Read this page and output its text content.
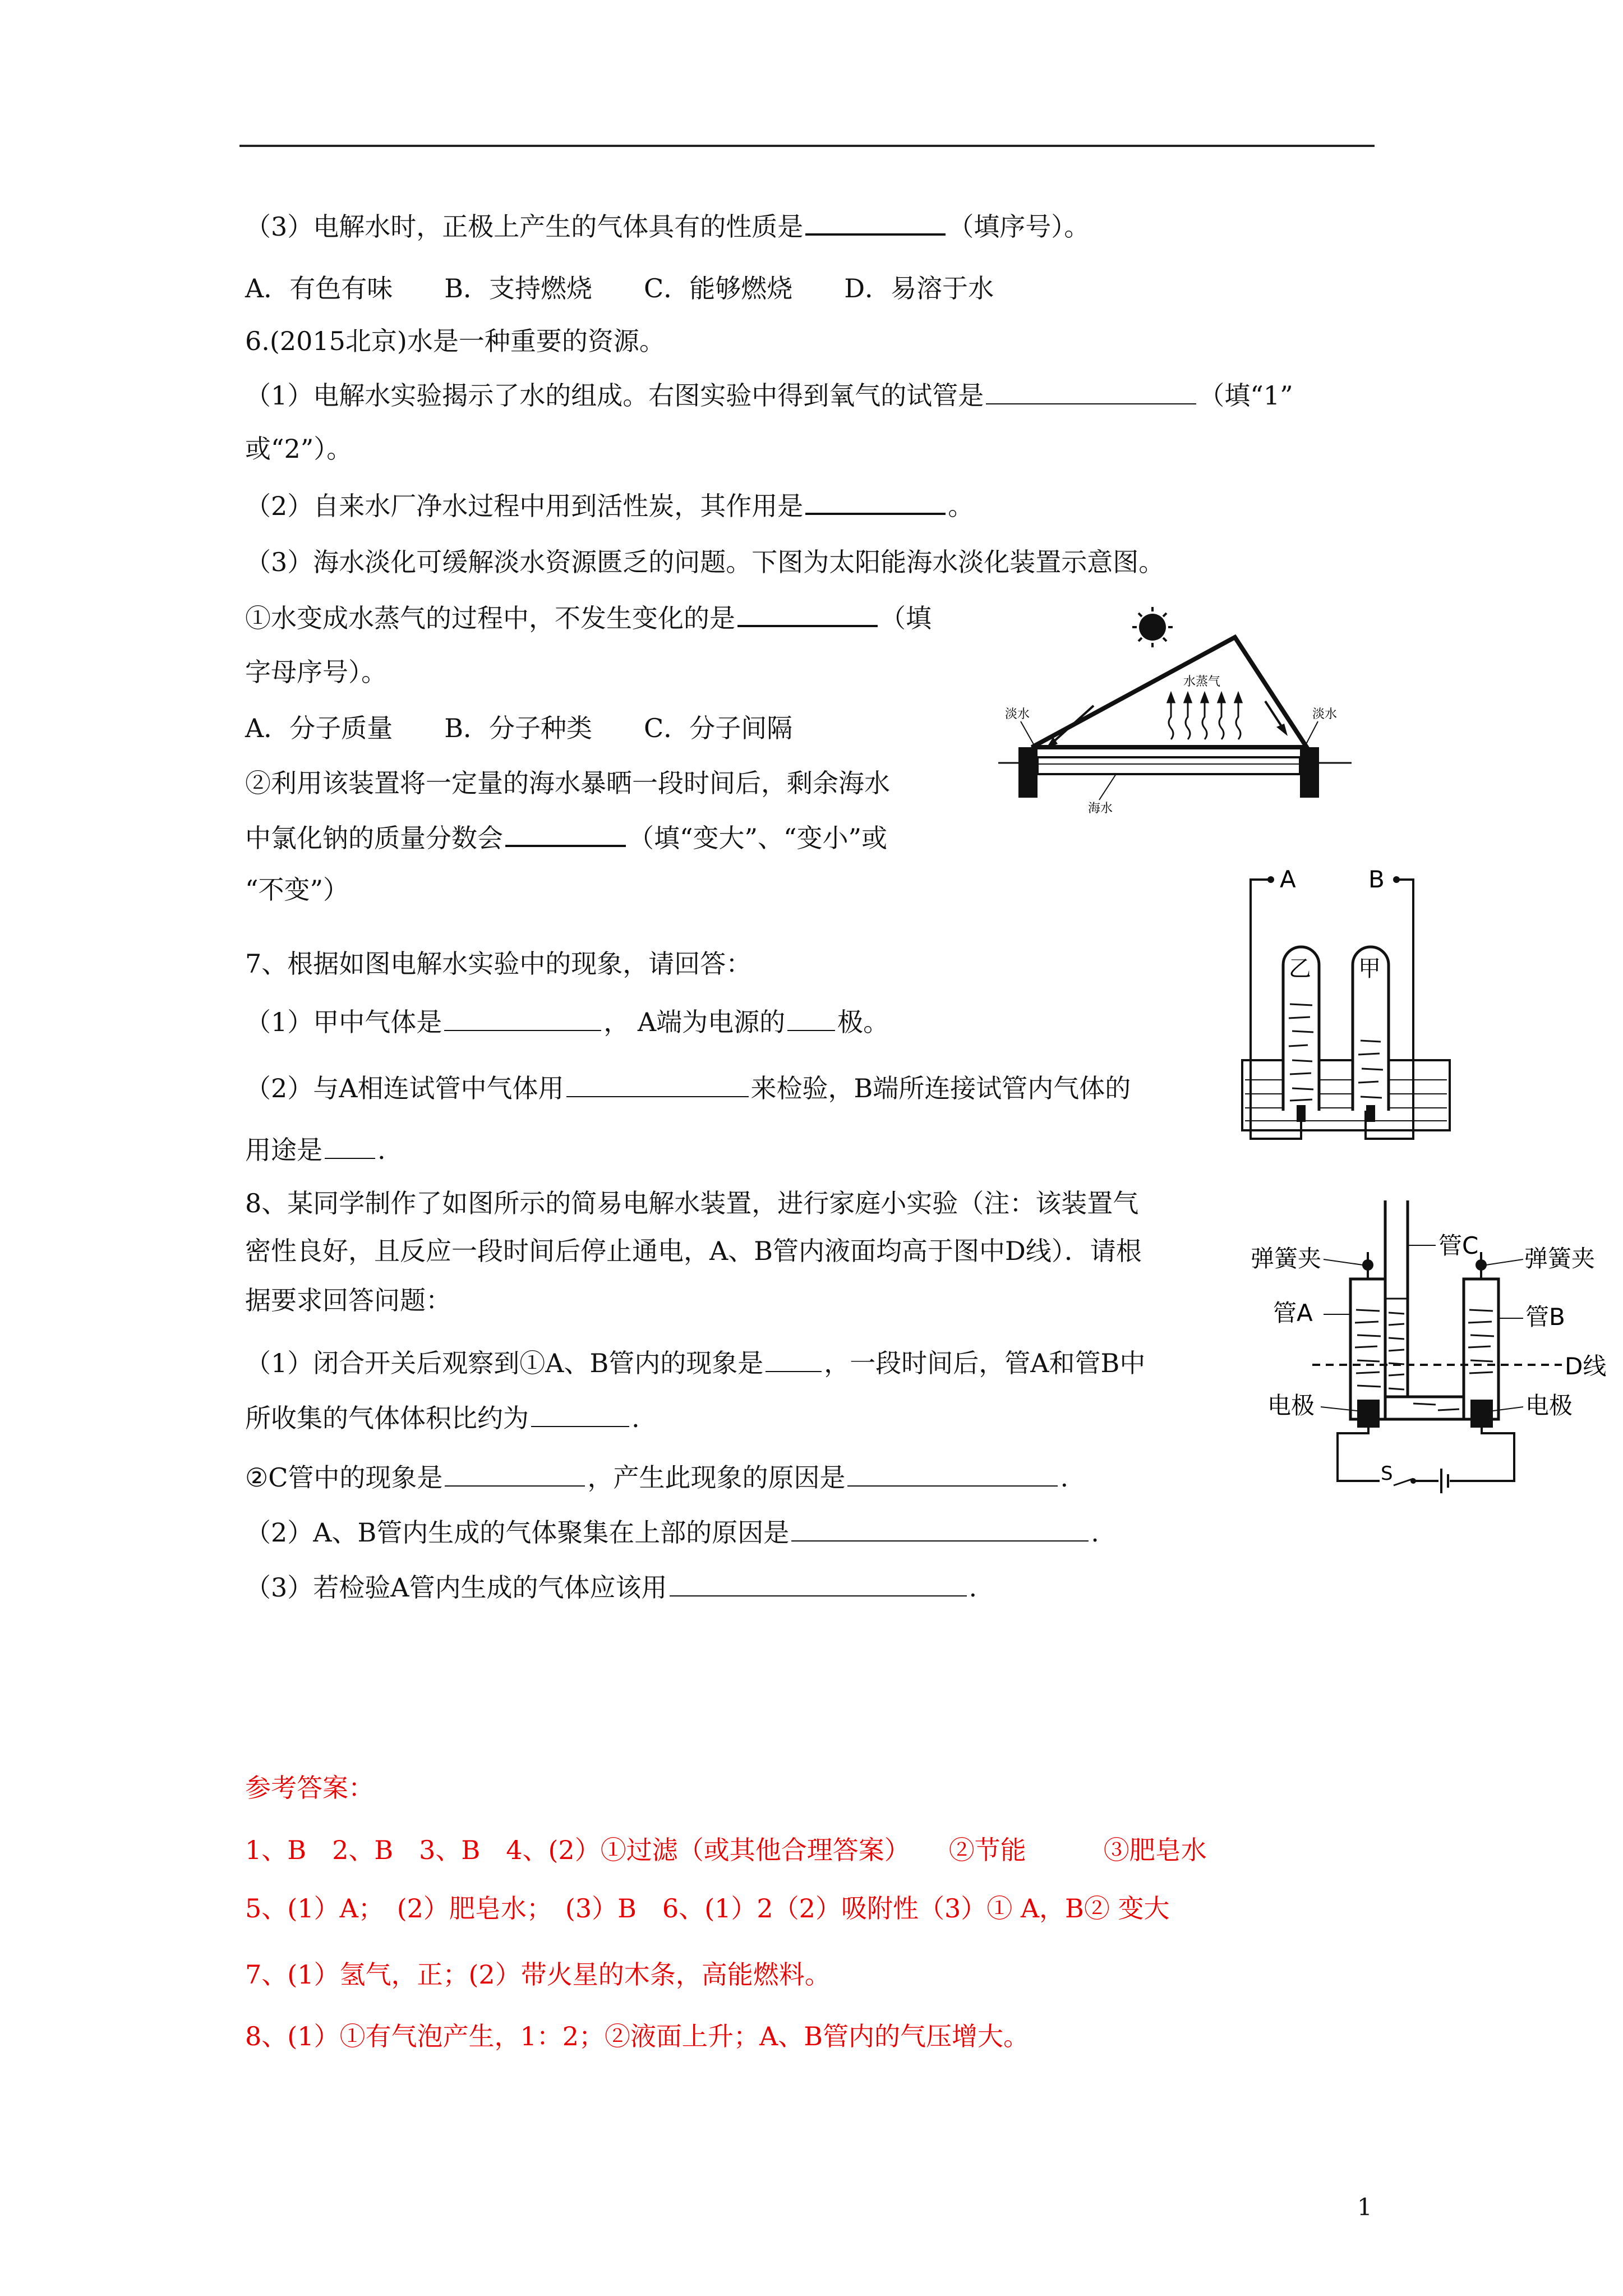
（3）电解水时，正极上产生的气体具有的性质是	（填序号）。
A．有色有味　　B．支持燃烧　　C．能够燃烧　　D．易溶于水
6.(2015北京)水是一种重要的资源。
（1）电解水实验揭示了水的组成。右图实验中得到氧气的试管是	（填“1”
或“2”）。
（2）自来水厂净水过程中用到活性炭，其作用是	。
（3）海水淡化可缓解淡水资源匮乏的问题。下图为太阳能海水淡化装置示意图。
①水变成水蒸气的过程中，不发生变化的是	（填
字母序号）。
A．分子质量　　B．分子种类　　C．分子间隔
②利用该装置将一定量的海水暴晒一段时间后，剩余海水
中氯化钠的质量分数会	（填“变大”、“变小”或
“不变”）
水蒸气
淡水	淡水
海水
7、根据如图电解水实验中的现象，请回答：
（1）甲中气体是	， A端为电源的 极。
（2）与A相连试管中气体用	来检验，B端所连接试管内气体的
用途是 .
A	B
乙 甲
8、某同学制作了如图所示的简易电解水装置，进行家庭小实验（注：该装置气
密性良好，且反应一段时间后停止通电，A、B管内液面均高于图中D线）．请根
据要求回答问题：
（1）闭合开关后观察到①A、B管内的现象是 ，一段时间后，管A和管B中
所收集的气体体积比约为	.
②C管中的现象是	，产生此现象的原因是	.
（2）A、B管内生成的气体聚集在上部的原因是	.
（3）若检验A管内生成的气体应该用	.
管C
弹簧夹	弹簧夹
管A	管B
D线
电极	电极
S
参考答案：
1、B　2、B　3、B　4、(2）①过滤（或其他合理答案）　　②节能　　　③肥皂水
5、(1）A；　(2）肥皂水；　(3）B　6、(1）2（2）吸附性（3）① A，B② 变大
7、(1）氢气，正；(2）带火星的木条，高能燃料。
8、(1）①有气泡产生，1：2；②液面上升；A、B管内的气压增大。
1
